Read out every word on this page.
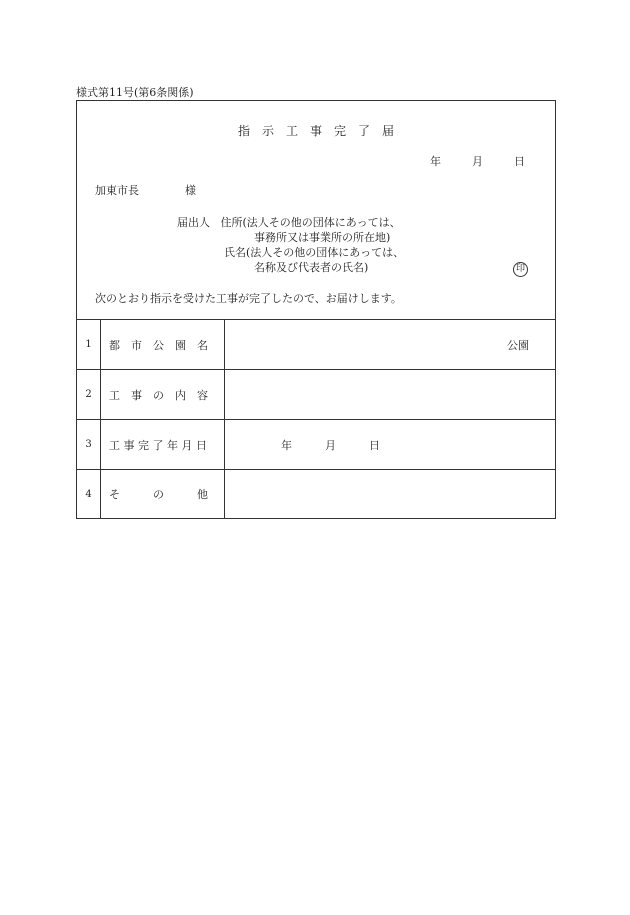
様式第11号(第6条関係)
指　示　工　事　完　了　届
年	月	日
加東市長	様
届出人 住所(法人その他の団体にあっては、
事務所又は事業所の所在地)
氏名(法人その他の団体にあっては、
名称及び代表者の氏名)	印
次のとおり指示を受けた工事が完了したので、お届けします。
1	都　市　公　園　名	公園
2	工　事　の　内　容
3	工 事 完 了 年 月 日	年　　　月　　　日
4	そ　　　の　　　他
